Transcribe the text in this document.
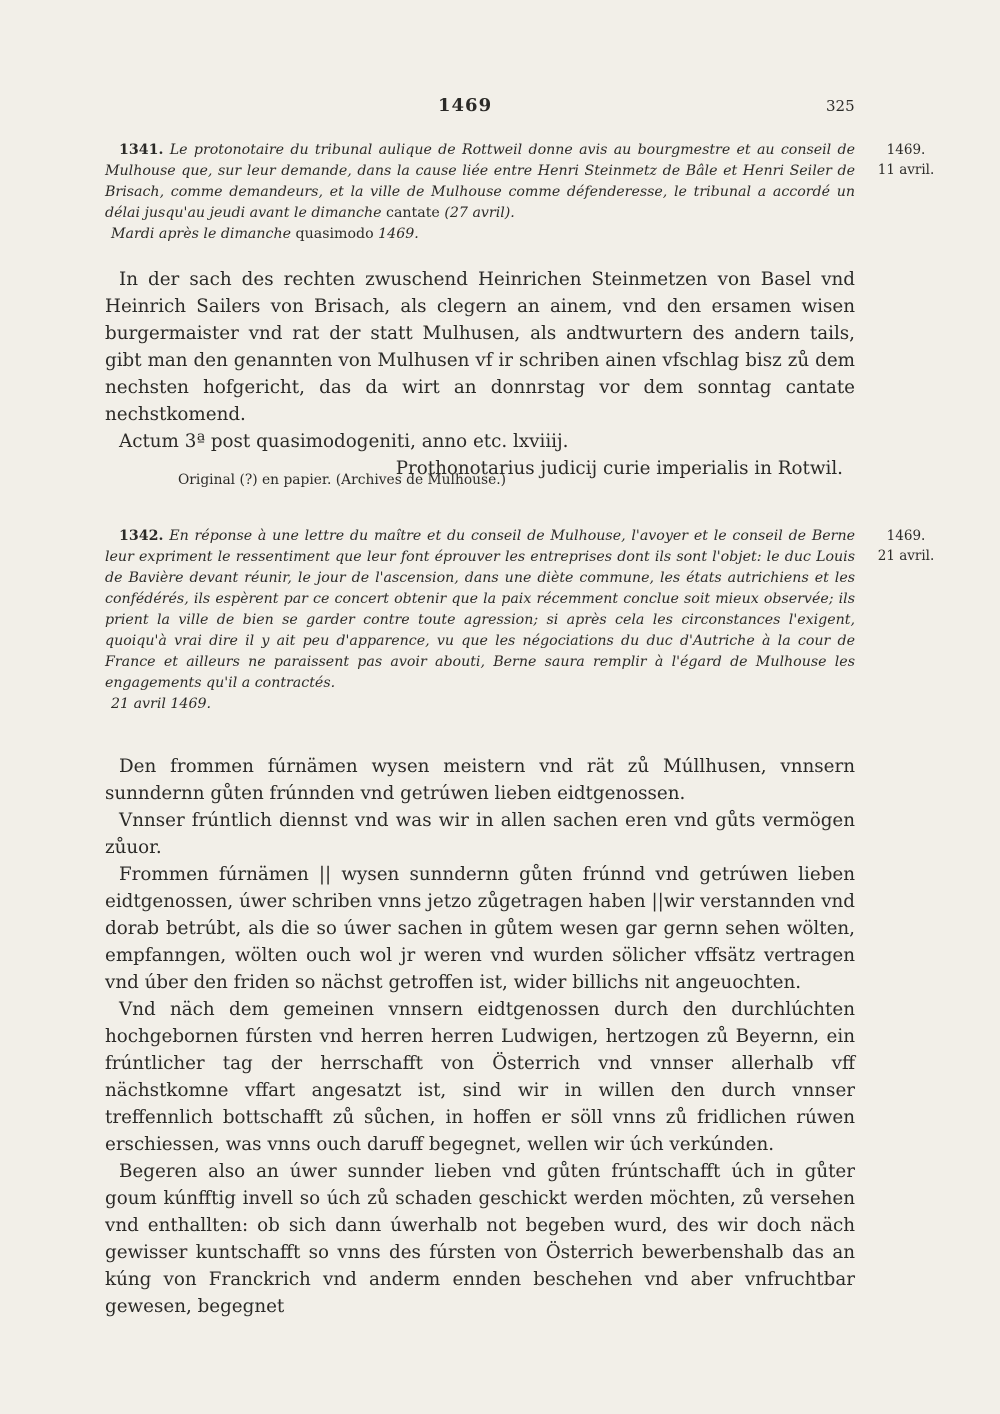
1469	325

1341. Le protonotaire du tribunal aulique de Rottweil donne avis au bourgmestre et au conseil de Mulhouse que, sur leur demande, dans la cause liée entre Henri Steinmetz de Bâle et Henri Seiler de Brisach, comme demandeurs, et la ville de Mulhouse comme défenderesse, le tribunal a accordé un délai jusqu'au jeudi avant le dimanche cantate (27 avril).

Mardi après le dimanche quasimodo 1469.

1469.
11 avril.

In der sach des rechten zwuschend Heinrichen Steinmetzen von Basel vnd Heinrich Sailers von Brisach, als clegern an ainem, vnd den ersamen wisen burgermaister vnd rat der statt Mulhusen, als andtwurtern des andern tails, gibt man den genannten von Mulhusen vf ir schriben ainen vfschlag bisz zů dem nechsten hofgericht, das da wirt an donnrstag vor dem sonntag cantate nechstkomend.

Actum 3ª post quasimodogeniti, anno etc. lxviiij.

Prothonotarius judicij curie imperialis in Rotwil.

Original (?) en papier. (Archives de Mulhouse.)

1342. En réponse à une lettre du maître et du conseil de Mulhouse, l'avoyer et le conseil de Berne leur expriment le ressentiment que leur font éprouver les entreprises dont ils sont l'objet: le duc Louis de Bavière devant réunir, le jour de l'ascension, dans une diète commune, les états autrichiens et les confédérés, ils espèrent par ce concert obtenir que la paix récemment conclue soit mieux observée; ils prient la ville de bien se garder contre toute agression; si après cela les circonstances l'exigent, quoiqu'à vrai dire il y ait peu d'apparence, vu que les négociations du duc d'Autriche à la cour de France et ailleurs ne paraissent pas avoir abouti, Berne saura remplir à l'égard de Mulhouse les engagements qu'il a contractés.

21 avril 1469.

1469.
21 avril.

Den frommen fúrnämen wysen meistern vnd rät zů Múllhusen, vnnsern sunndernn gůten frúnnden vnd getrúwen lieben eidtgenossen.

Vnnser frúntlich diennst vnd was wir in allen sachen eren vnd gůts vermögen zůuor.

Frommen fúrnämen || wysen sunndernn gůten frúnnd vnd getrúwen lieben eidtgenossen, úwer schriben vnns jetzo zůgetragen haben ||wir verstannden vnd dorab betrúbt, als die so úwer sachen in gůtem wesen gar gernn sehen wölten, empfanngen, wölten ouch wol jr weren vnd wurden sölicher vffsätz vertragen vnd úber den friden so nächst getroffen ist, wider billichs nit angeuochten.

Vnd näch dem gemeinen vnnsern eidtgenossen durch den durchlúchten hochgebornen fúrsten vnd herren herren Ludwigen, hertzogen zů Beyernn, ein frúntlicher tag der herrschafft von Österrich vnd vnnser allerhalb vff nächstkomne vffart angesatzt ist, sind wir in willen den durch vnnser treffennlich bottschafft zů sůchen, in hoffen er söll vnns zů fridlichen rúwen erschiessen, was vnns ouch daruff begegnet, wellen wir úch verkúnden.

Begeren also an úwer sunnder lieben vnd gůten frúntschafft úch in gůter goum kúnfftig invell so úch zů schaden geschickt werden möchten, zů versehen vnd enthallten: ob sich dann úwerhalb not begeben wurd, des wir doch näch gewisser kuntschafft so vnns des fúrsten von Österrich bewerbenshalb das an kúng von Franckrich vnd anderm ennden beschehen vnd aber vnfruchtbar gewesen, begegnet
